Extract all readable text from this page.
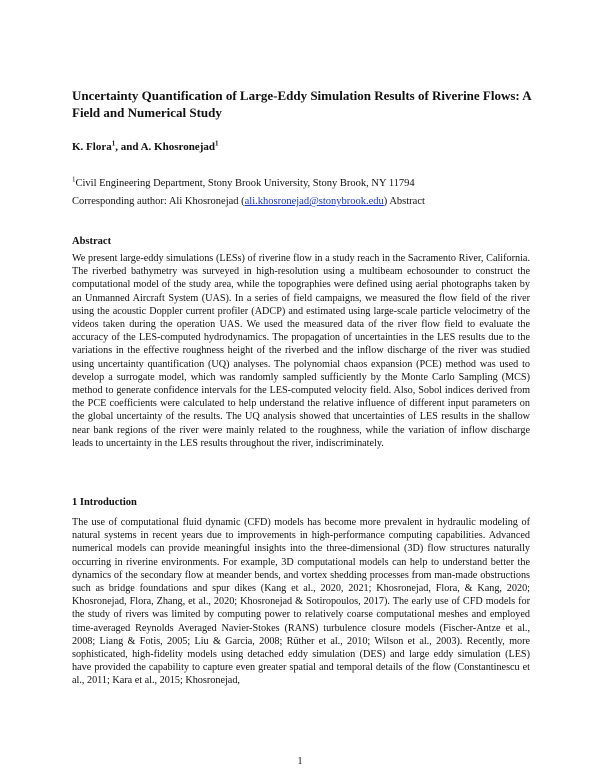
Uncertainty Quantification of Large-Eddy Simulation Results of Riverine Flows: A Field and Numerical Study
K. Flora$^1$, and A. Khosronejad$^1$
$^1$Civil Engineering Department, Stony Brook University, Stony Brook, NY 11794
Corresponding author: Ali Khosronejad (ali.khosronejad@stonybrook.edu) Abstract
Abstract
We present large-eddy simulations (LESs) of riverine flow in a study reach in the Sacramento River, California. The riverbed bathymetry was surveyed in high-resolution using a multibeam echosounder to construct the computational model of the study area, while the topographies were defined using aerial photographs taken by an Unmanned Aircraft System (UAS). In a series of field campaigns, we measured the flow field of the river using the acoustic Doppler current profiler (ADCP) and estimated using large-scale particle velocimetry of the videos taken during the operation UAS. We used the measured data of the river flow field to evaluate the accuracy of the LES-computed hydrodynamics. The propagation of uncertainties in the LES results due to the variations in the effective roughness height of the riverbed and the inflow discharge of the river was studied using uncertainty quantification (UQ) analyses. The polynomial chaos expansion (PCE) method was used to develop a surrogate model, which was randomly sampled sufficiently by the Monte Carlo Sampling (MCS) method to generate confidence intervals for the LES-computed velocity field. Also, Sobol indices derived from the PCE coefficients were calculated to help understand the relative influence of different input parameters on the global uncertainty of the results. The UQ analysis showed that uncertainties of LES results in the shallow near bank regions of the river were mainly related to the roughness, while the variation of inflow discharge leads to uncertainty in the LES results throughout the river, indiscriminately.
1 Introduction
The use of computational fluid dynamic (CFD) models has become more prevalent in hydraulic modeling of natural systems in recent years due to improvements in high-performance computing capabilities. Advanced numerical models can provide meaningful insights into the three-dimensional (3D) flow structures naturally occurring in riverine environments. For example, 3D computational models can help to understand better the dynamics of the secondary flow at meander bends, and vortex shedding processes from man-made obstructions such as bridge foundations and spur dikes (Kang et al., 2020, 2021; Khosronejad, Flora, & Kang, 2020; Khosronejad, Flora, Zhang, et al., 2020; Khosronejad & Sotiropoulos, 2017). The early use of CFD models for the study of rivers was limited by computing power to relatively coarse computational meshes and employed time-averaged Reynolds Averaged Navier-Stokes (RANS) turbulence closure models (Fischer-Antze et al., 2008; Liang & Fotis, 2005; Liu & Garcia, 2008; Rüther et al., 2010; Wilson et al., 2003). Recently, more sophisticated, high-fidelity models using detached eddy simulation (DES) and large eddy simulation (LES) have provided the capability to capture even greater spatial and temporal details of the flow (Constantinescu et al., 2011; Kara et al., 2015; Khosronejad,
1
